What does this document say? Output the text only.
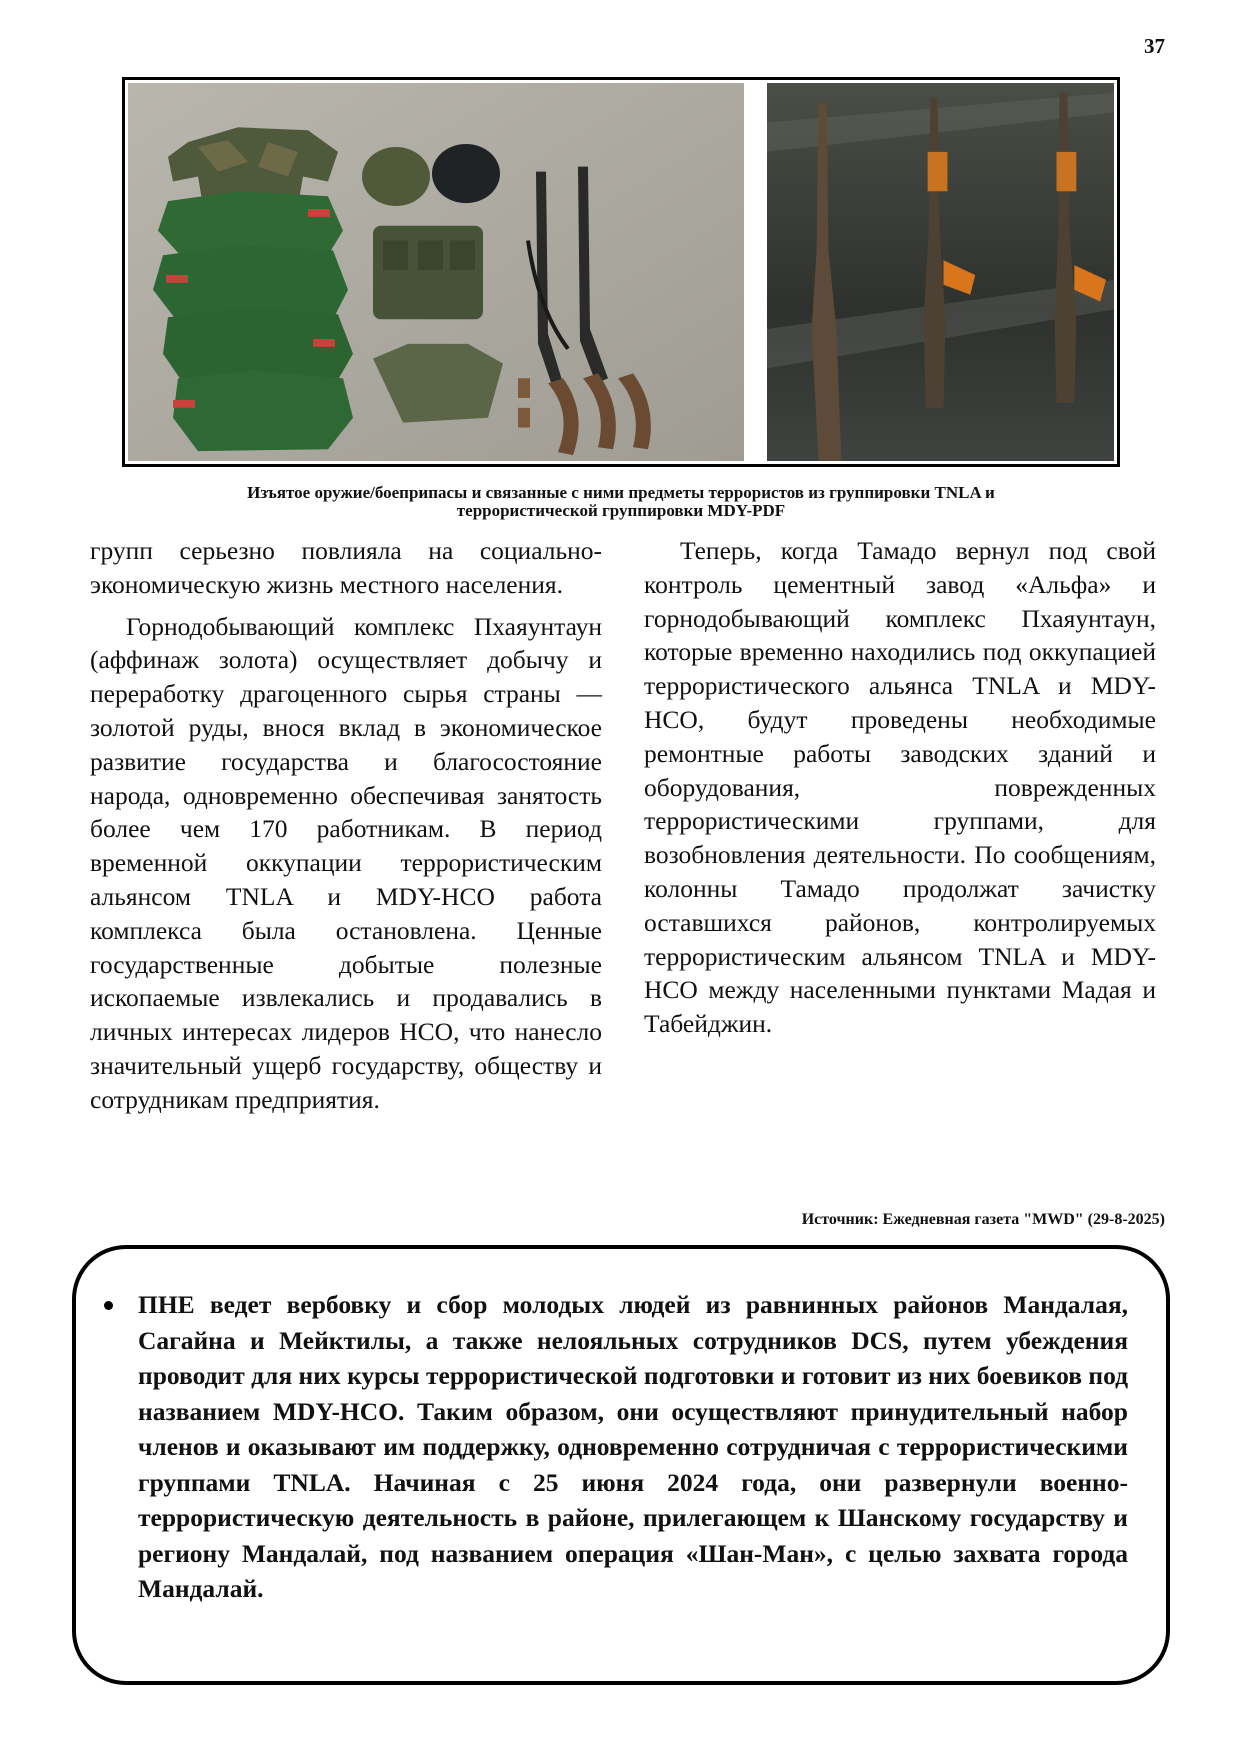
37
Изъятое оружие/боеприпасы и связанные с ними предметы террористов из группировки TNLA и
террористической группировки MDY-PDF

групп серьезно повлияла на социально-экономическую жизнь местного населения.

Горнодобывающий комплекс Пхаяунтаун (аффинаж золота) осуществляет добычу и переработку драгоценного сырья страны — золотой руды, внося вклад в экономическое развитие государства и благосостояние народа, одновременно обеспечивая занятость более чем 170 работникам. В период временной оккупации террористическим альянсом TNLA и MDY-HCO работа комплекса была остановлена. Ценные государственные добытые полезные ископаемые извлекались и продавались в личных интересах лидеров HCO, что нанесло значительный ущерб государству, обществу и сотрудникам предприятия.

Теперь, когда Тамадо вернул под свой контроль цементный завод «Альфа» и горнодобывающий комплекс Пхаяунтаун, которые временно находились под оккупацией террористического альянса TNLA и MDY-HCO, будут проведены необходимые ремонтные работы заводских зданий и оборудования, поврежденных террористическими группами, для возобновления деятельности. По сообщениям, колонны Тамадо продолжат зачистку оставшихся районов, контролируемых террористическим альянсом TNLA и MDY-HCO между населенными пунктами Мадая и Табейджин.

Источник: Ежедневная газета "MWD" (29-8-2025)
ПНЕ ведет вербовку и сбор молодых людей из равнинных районов Мандалая, Сагайна и Мейктилы, а также нелояльных сотрудников DCS, путем убеждения проводит для них курсы террористической подготовки и готовит из них боевиков под названием MDY-HCO. Таким образом, они осуществляют принудительный набор членов и оказывают им поддержку, одновременно сотрудничая с террористическими группами TNLA. Начиная с 25 июня 2024 года, они развернули военно-террористическую деятельность в районе, прилегающем к Шанскому государству и региону Мандалай, под названием операция «Шан-Ман», с целью захвата города Мандалай.
